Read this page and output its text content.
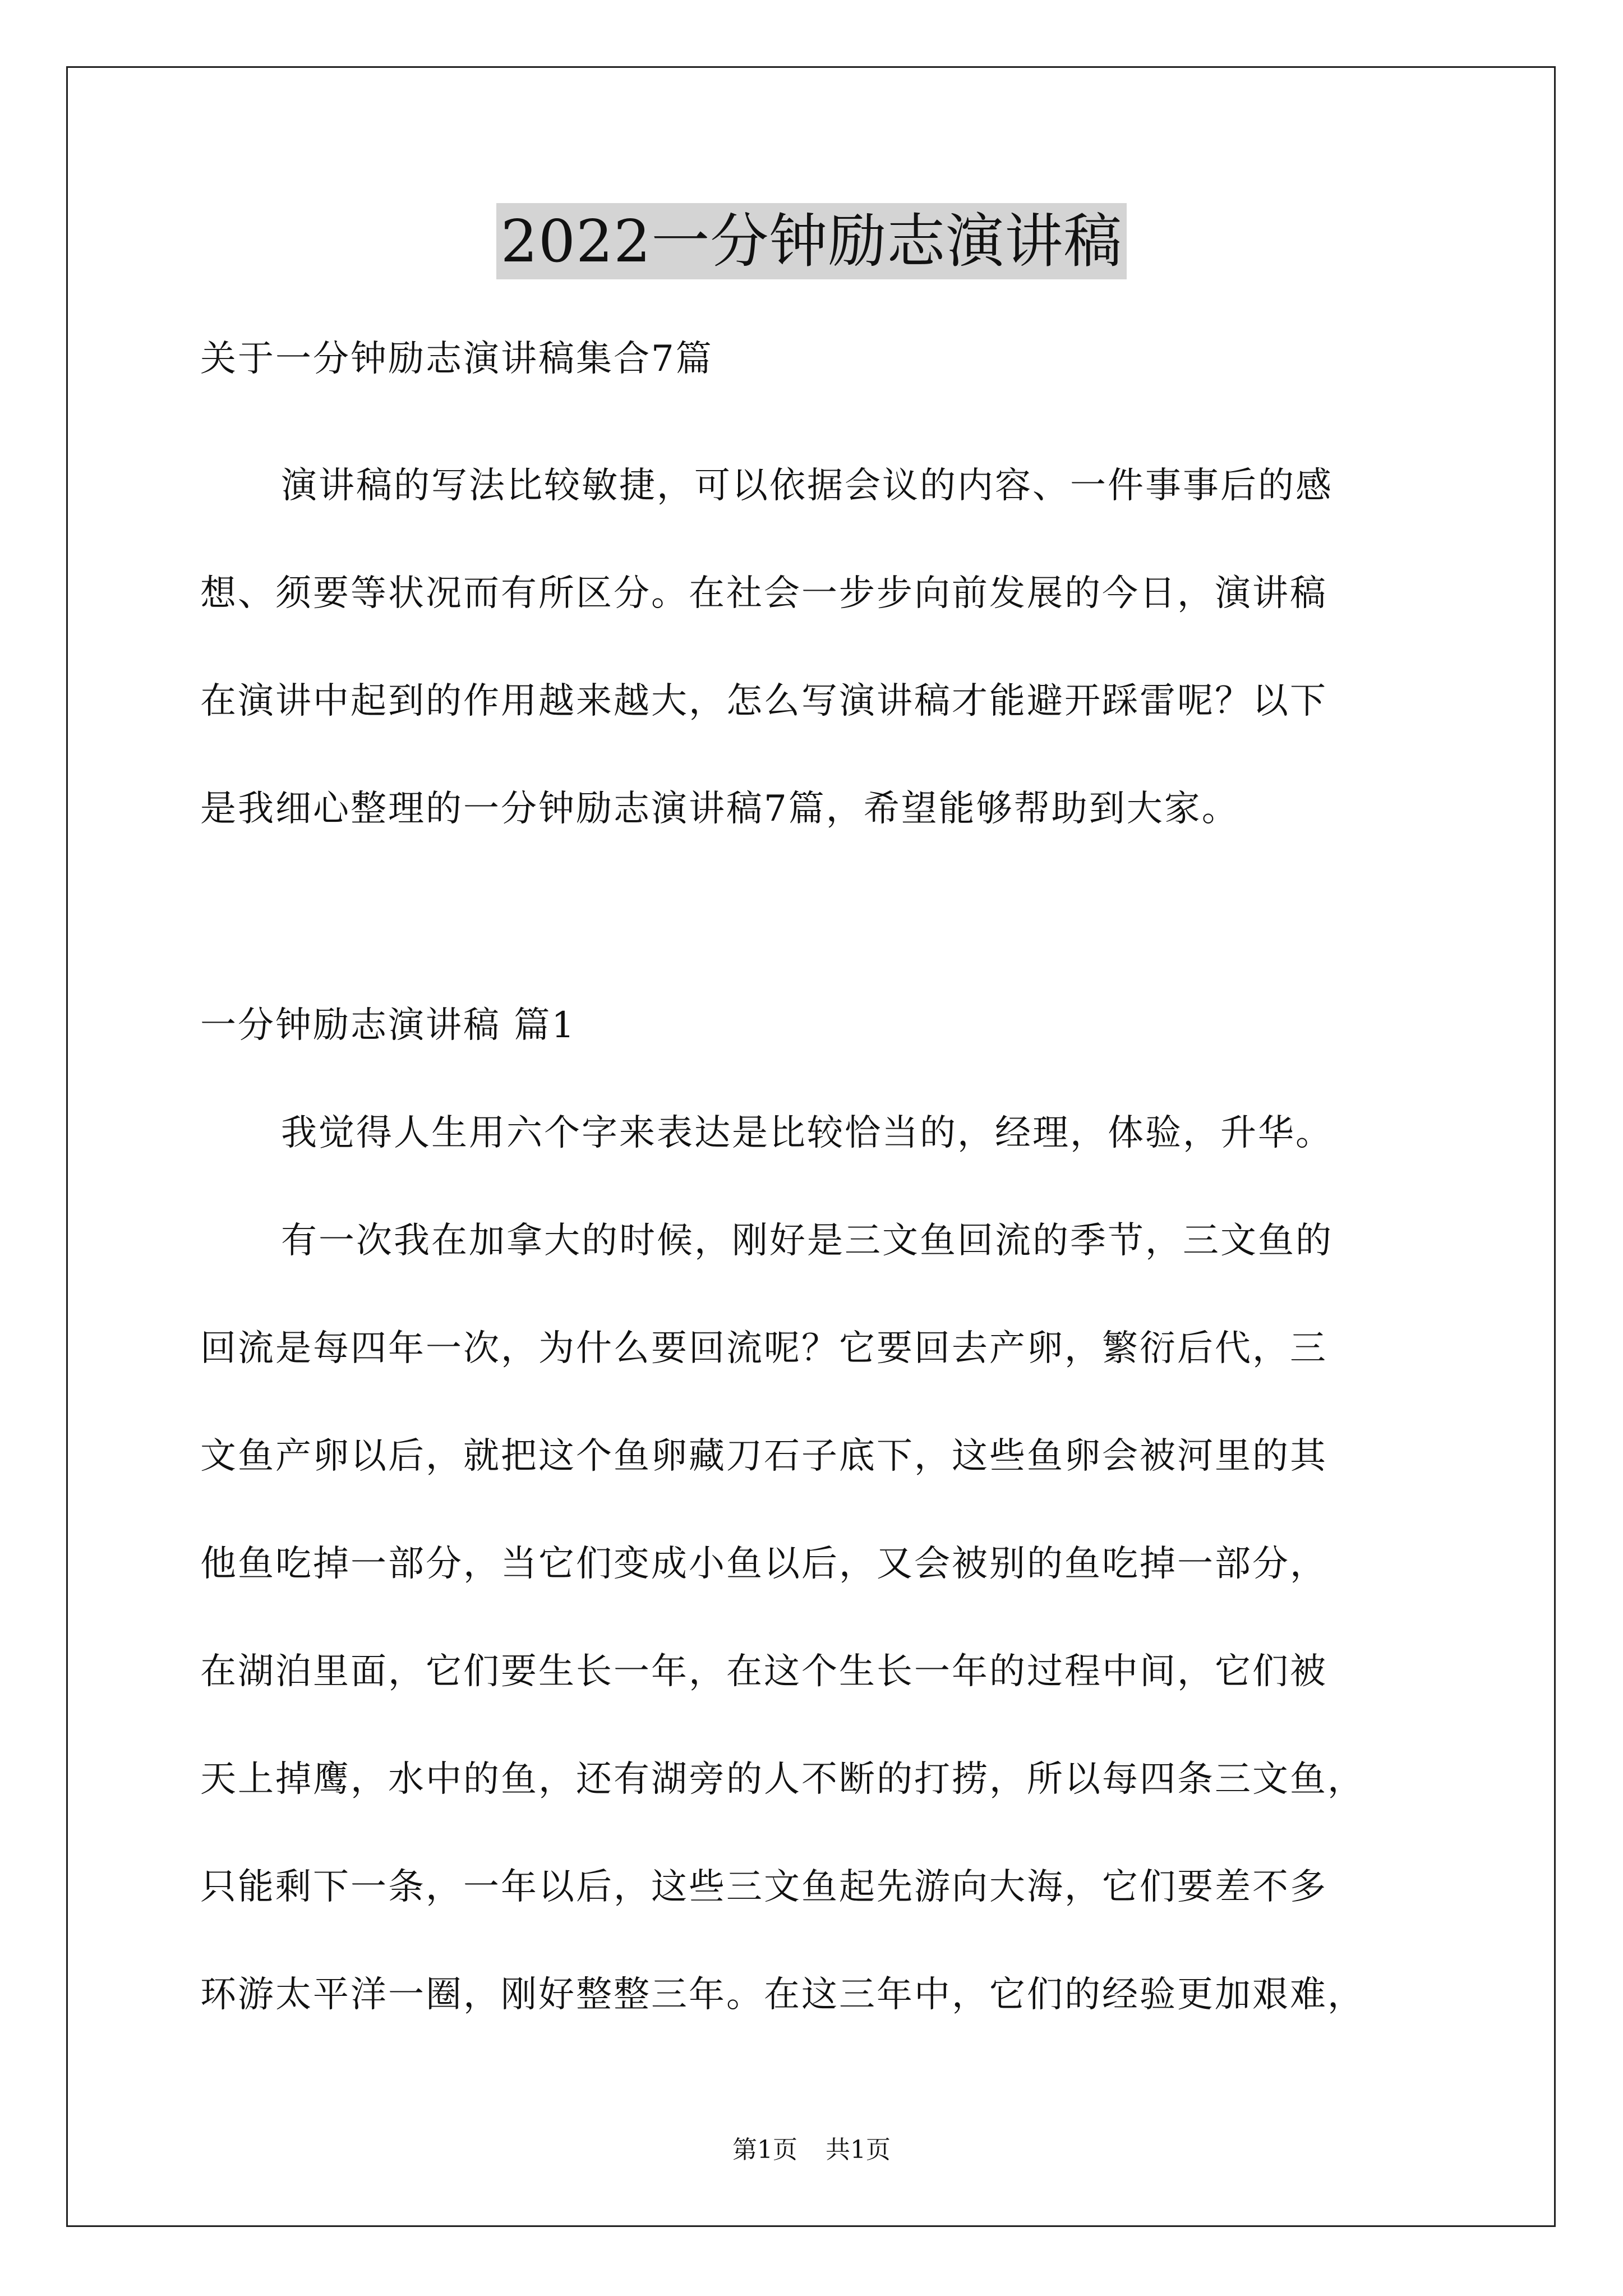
2022一分钟励志演讲稿
关于一分钟励志演讲稿集合7篇
演讲稿的写法比较敏捷，可以依据会议的内容、一件事事后的感
想、须要等状况而有所区分。在社会一步步向前发展的今日，演讲稿
在演讲中起到的作用越来越大，怎么写演讲稿才能避开踩雷呢？以下
是我细心整理的一分钟励志演讲稿7篇，希望能够帮助到大家。
一分钟励志演讲稿 篇1
我觉得人生用六个字来表达是比较恰当的，经理，体验，升华。
有一次我在加拿大的时候，刚好是三文鱼回流的季节，三文鱼的
回流是每四年一次，为什么要回流呢？它要回去产卵，繁衍后代，三
文鱼产卵以后，就把这个鱼卵藏刀石子底下，这些鱼卵会被河里的其
他鱼吃掉一部分，当它们变成小鱼以后，又会被别的鱼吃掉一部分，
在湖泊里面，它们要生长一年，在这个生长一年的过程中间，它们被
天上掉鹰，水中的鱼，还有湖旁的人不断的打捞，所以每四条三文鱼，
只能剩下一条，一年以后，这些三文鱼起先游向大海，它们要差不多
环游太平洋一圈，刚好整整三年。在这三年中，它们的经验更加艰难，
第1页 共1页
